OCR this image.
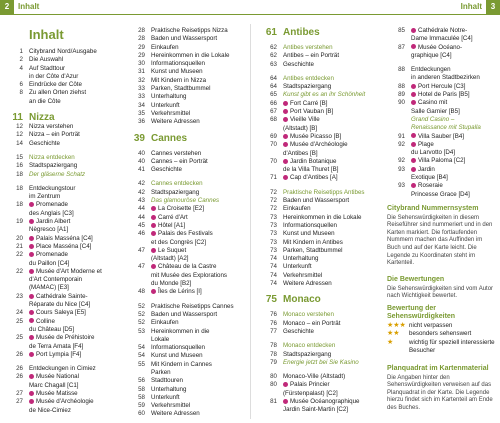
2	Inhalt	Inhalt	3
Inhalt
1 Citybrand Nord/Ausgabe
2 Die Auswahl
4 Auf Stadttour
in der Côte d'Azur
6 Eindrücke der Côte
8 Zu allen Orten ziehst
an die Côte
11 Nizza
12 Nizza verstehen
12 Nizza – ein Porträt
14 Geschichte
15 Nizza entdecken
16 Stadtspaziergang
18 Der gläserne Schatz
18 Entdeckungstour
im Zentrum
18	Promenade
des Anglais [C3]
19	Jardin Albert
Nègresco [A1]
20	Palais Masséna [C4]
21	Place Masséna [C4]
22	Promenade
du Paillon [C4]
22	Musée d'Art Moderne et
d'Art Contemporain
(MAMAC) [E3]
23	Cathédrale Sainte-
Réparate du Nice [C4]
24	Cours Saleya [E5]
25	Colline
du Château [D5]
25	Musée de Préhistoire
de Terra Amata [F4]
26	Port Lympia [F4]
26 Entdeckungen in Cimiez
26	Musée National
Marc Chagall [C1]
27	Musée Matisse
27	Musée d'Archéologie
de Nice-Cimiez
28 Praktische Reisetipps Nizza
28 Baden und Wassersport
29 Einkaufen
29 Hereinkommen in die Lokale
30 Informationsquellen
31 Kunst und Museen
32 Mit Kindern in Nizza
33 Parken, Stadtbummel
33 Unterhaltung
34 Unterkunft
35 Verkehrsmittel
36 Weitere Adressen
39 Cannes
40 Cannes verstehen
40 Cannes – ein Porträt
41 Geschichte
42 Cannes entdecken
42 Stadtspaziergang
43 Das glamouröse Cannes
44	La Croisette [E2]
44	Carré d'Art
45	Hôtel [A1]
46	Palais des Festivals
et des Congrès [C2]
47	Le Suquet
(Altstadt) [A2]
47	Château de la Castre
mit Musée des Explorations
du Monde [B2]
48	Îles de Lérins [I]
52 Praktische Reisetipps Cannes
52 Baden und Wassersport
52 Einkaufen
53 Hereinkommen in die
Lokale
54 Informationsquellen
54 Kunst und Museen
55 Mit Kindern in Cannes
Parken
56 Stadttouren
58 Unterhaltung
58 Unterkunft
59 Verkehrsmittel
60 Weitere Adressen
61 Antibes
62 Antibes verstehen
62 Antibes – ein Porträt
63 Geschichte
64 Antibes entdecken
64 Stadtspaziergang
65 Kunst gibt es an ihr Schönheit
66	Fort Carré [B]
67	Port Vauban [B]
68	Vieille Ville
(Altstadt) [B]
69	Musée Picasso [B]
70	Musée d'Archéologie
d'Antibes [B]
70	Jardin Botanique
de la Villa Thuret [B]
71	Cap d'Antibes [A]
72 Praktische Reisetipps Antibes
72 Baden und Wassersport
72 Einkaufen
73 Hereinkommen in die Lokale
73 Informationsquellen
73 Kunst und Museen
73 Mit Kindern in Antibes
73 Parken, Stadtbummel
74 Unterhaltung
74 Unterkunft
74 Verkehrsmittel
74 Weitere Adressen
75 Monaco
76 Monaco verstehen
76 Monaco – ein Porträt
77 Geschichte
78 Monaco entdecken
78 Stadtspaziergang
79 Energie jetzt bei Sie Kasino
80 Monaco-Ville (Altstadt)
80	Palais Princier
(Fürstenpalast) [C2]
81	Musée Océanographique
Jardin Saint-Martin [C2]
85	Cathédrale Notre-
Dame Immaculée [C4]
87	Musée Océano-
graphique [C4]
88 Entdeckungen
in anderen Stadtbezirken
88	Port Hercule [C3]
89	Hotel de Paris [B5]
90	Casino mit
Salle Garnier [B5]
Grand Casino –
Renaissance mit Stupalla
91	Villa Sauber [B4]
92	Plage
du Larvotto [D4]
92	Villa Paloma [C2]
93	Jardin
Exotique [B4]
93	Roseraie
Princesse Grace [D4]
Citybrand Nummernsystem
Die Sehenswürdigkeiten in diesem Reiseführer sind nummeriert und in den Karten markiert. Die fortlaufenden Nummern machen das Auffinden im Buch und auf der Karte leicht. Die Legende zu Koordinaten steht im Kartenteil.
Die Bewertungen
Die Sehenswürdigkeiten sind vom Autor nach Wichtigkeit bewertet.
Bewertung der Sehenswürdigkeiten
★★★ nicht verpassen
★★	besonders sehenswert
★	wichtig für speziell interessierte Besucher
Planquadrat im Kartenmaterial
Die Angaben hinter den Sehenswürdigkeiten verweisen auf das Planquadrat in der Karte. Die Legende hierzu findet sich im Kartenteil am Ende des Buches.
